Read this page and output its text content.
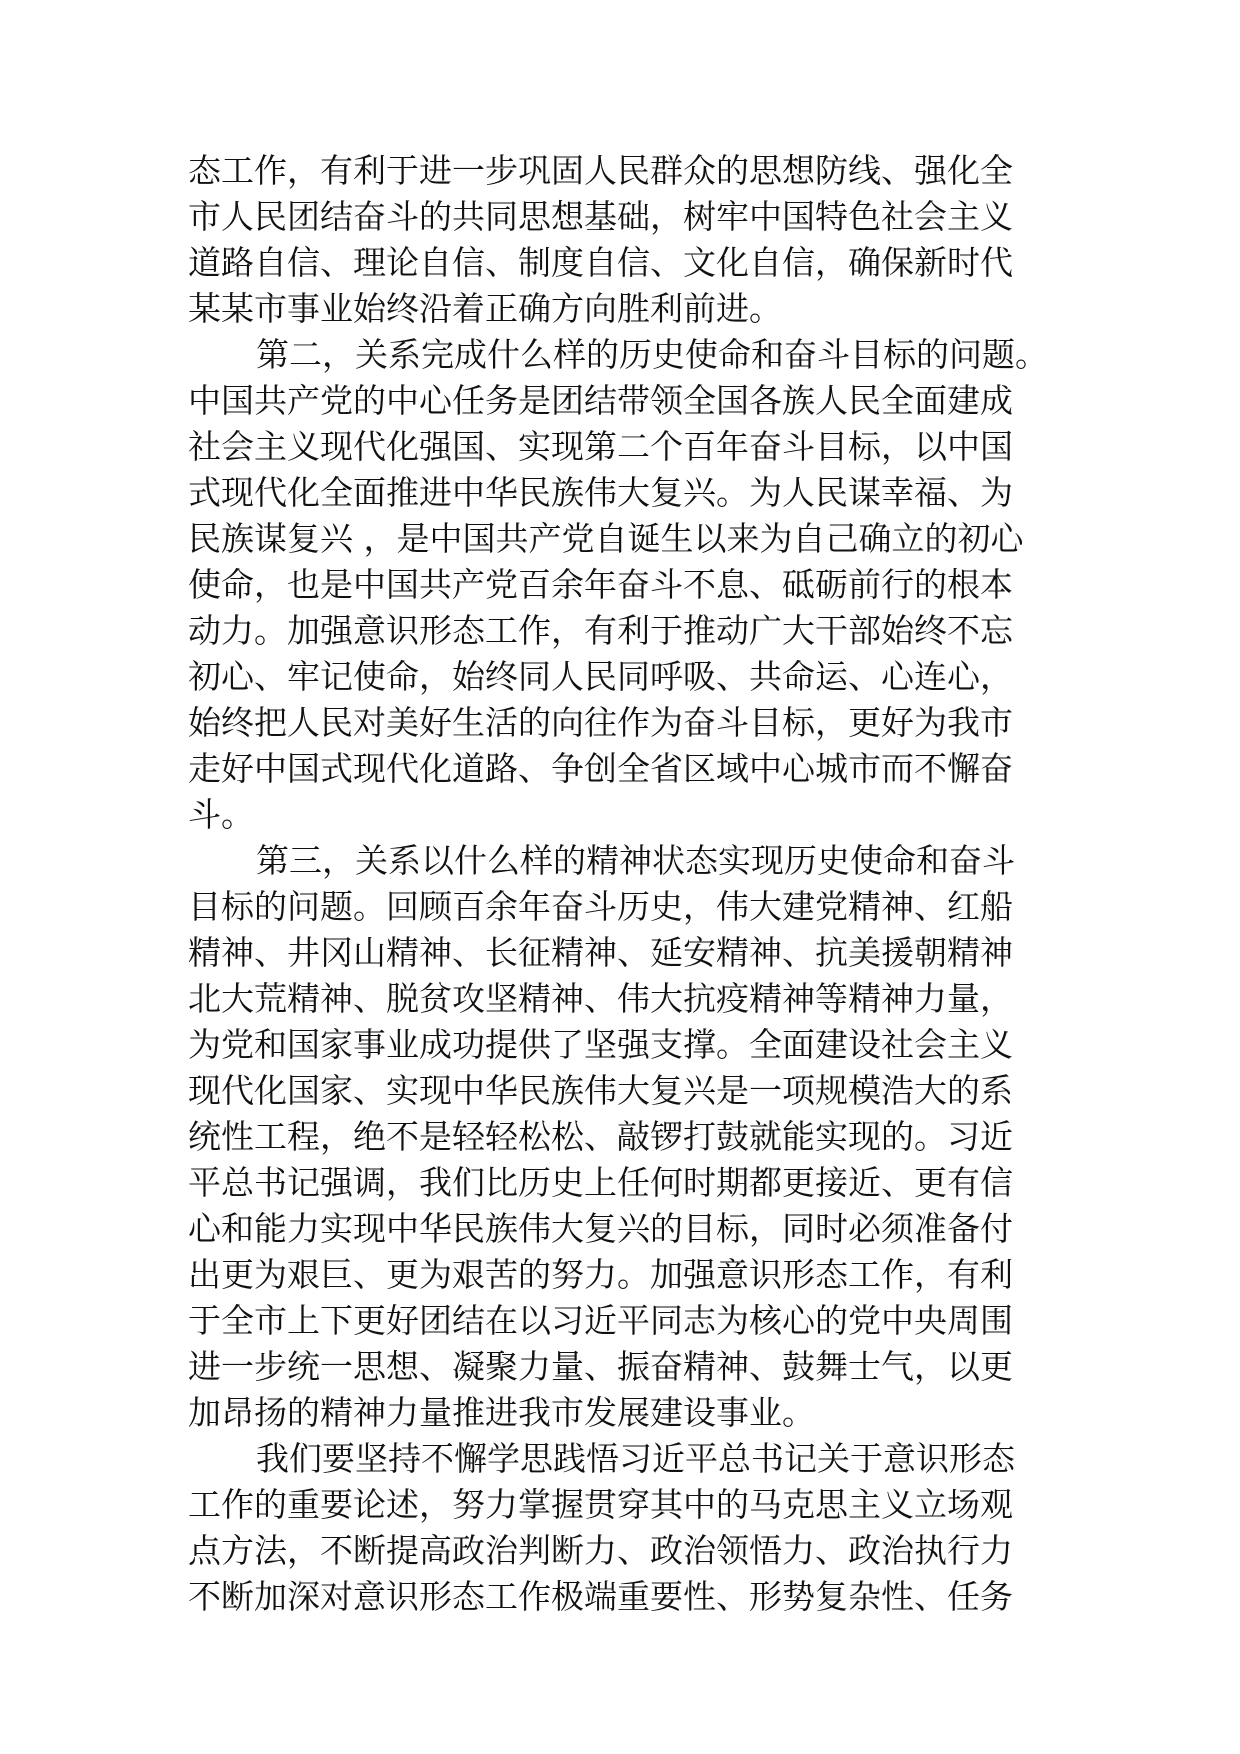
态工作，有利于进一步巩固人民群众的思想防线、强化全
市人民团结奋斗的共同思想基础，树牢中国特色社会主义
道路自信、理论自信、制度自信、文化自信，确保新时代
某某市事业始终沿着正确方向胜利前进。
第二，关系完成什么样的历史使命和奋斗目标的问题。
中国共产党的中心任务是团结带领全国各族人民全面建成
社会主义现代化强国、实现第二个百年奋斗目标，以中国
式现代化全面推进中华民族伟大复兴。为人民谋幸福、为
民族谋复兴 ，是中国共产党自诞生以来为自己确立的初心
使命，也是中国共产党百余年奋斗不息、砥砺前行的根本
动力。加强意识形态工作，有利于推动广大干部始终不忘
初心、牢记使命，始终同人民同呼吸、共命运、心连心，
始终把人民对美好生活的向往作为奋斗目标，更好为我市
走好中国式现代化道路、争创全省区域中心城市而不懈奋
斗。
第三，关系以什么样的精神状态实现历史使命和奋斗
目标的问题。回顾百余年奋斗历史，伟大建党精神、红船
精神、井冈山精神、长征精神、延安精神、抗美援朝精神
北大荒精神、脱贫攻坚精神、伟大抗疫精神等精神力量，
为党和国家事业成功提供了坚强支撑。全面建设社会主义
现代化国家、实现中华民族伟大复兴是一项规模浩大的系
统性工程，绝不是轻轻松松、敲锣打鼓就能实现的。习近
平总书记强调，我们比历史上任何时期都更接近、更有信
心和能力实现中华民族伟大复兴的目标，同时必须准备付
出更为艰巨、更为艰苦的努力。加强意识形态工作，有利
于全市上下更好团结在以习近平同志为核心的党中央周围
进一步统一思想、凝聚力量、振奋精神、鼓舞士气，以更
加昂扬的精神力量推进我市发展建设事业。
我们要坚持不懈学思践悟习近平总书记关于意识形态
工作的重要论述，努力掌握贯穿其中的马克思主义立场观
点方法，不断提高政治判断力、政治领悟力、政治执行力
不断加深对意识形态工作极端重要性、形势复杂性、任务
